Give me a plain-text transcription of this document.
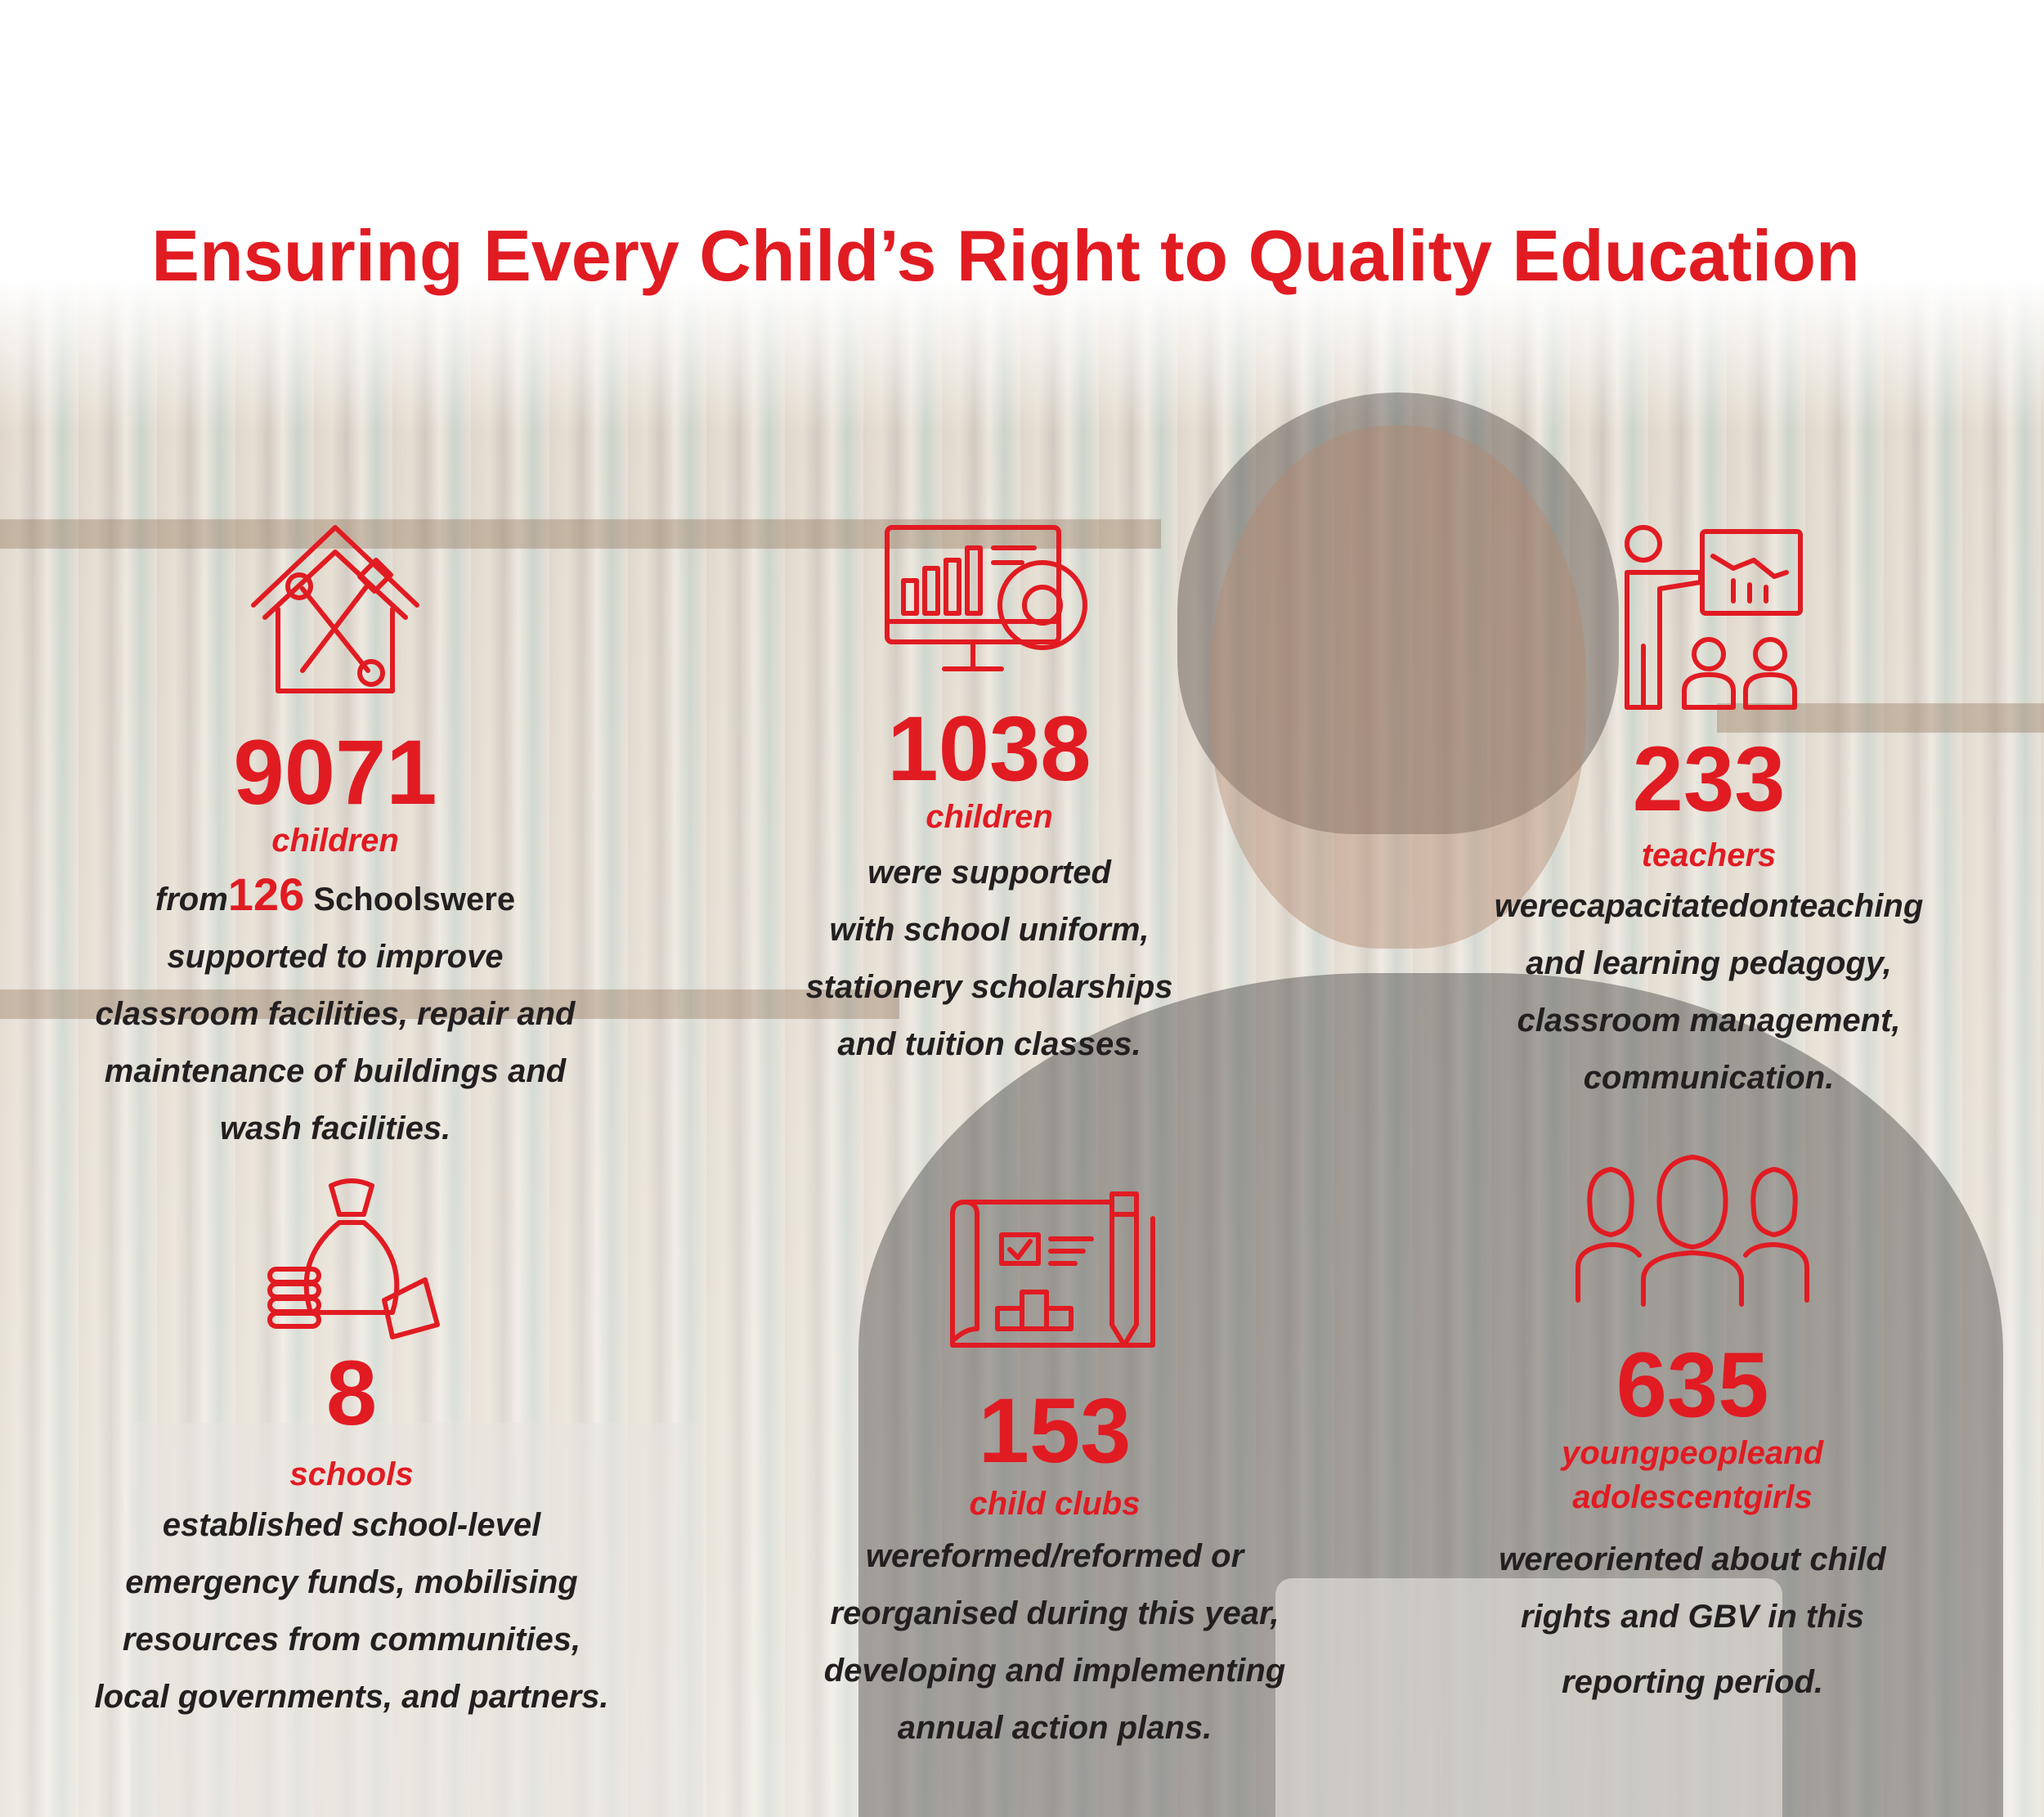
Ensuring Every Child’s Right to Quality Education
9071
children
from126 Schoolswere
supported to improve
classroom facilities, repair and
maintenance of buildings and
wash facilities.
1038
children
were supported
with school uniform,
stationery scholarships
and tuition classes.
233
teachers
werecapacitatedonteaching
and learning pedagogy,
classroom management,
communication.
8
schools
established school-level
emergency funds, mobilising
resources from communities,
local governments, and partners.
153
child clubs
wereformed/reformed or
reorganised during this year,
developing and implementing
annual action plans.
635
youngpeopleand
adolescentgirls
wereoriented about child
rights and GBV in this
reporting period.
